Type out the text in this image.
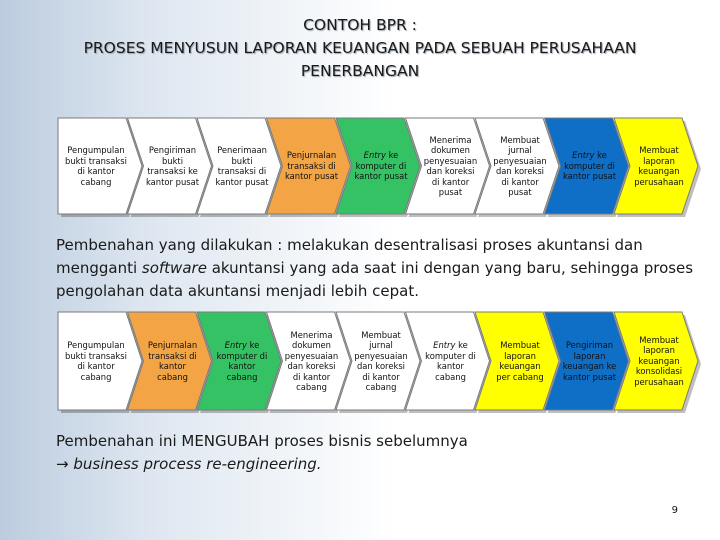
CONTOH BPR :
PROSES MENYUSUN LAPORAN KEUANGAN PADA SEBUAH PERUSAHAAN
PENERBANGAN
Pengumpulan bukti transaksi di kantor cabang
Pengiriman bukti transaksi ke kantor pusat
Penerimaan bukti transaksi di kantor pusat
Penjurnalan transaksi di kantor pusat
Entry ke komputer di kantor pusat
Menerima dokumen penyesuaian dan koreksi di kantor pusat
Membuat jurnal penyesuaian dan koreksi di kantor pusat
Entry ke komputer di kantor pusat
Membuat laporan keuangan perusahaan
Pembenahan yang dilakukan : melakukan desentralisasi proses akuntansi dan mengganti software akuntansi yang ada saat ini dengan yang baru, sehingga proses pengolahan data akuntansi menjadi lebih cepat.
Pengumpulan bukti transaksi di kantor cabang
Penjurnalan transaksi di kantor cabang
Entry ke komputer di kantor cabang
Menerima dokumen penyesuaian dan koreksi di kantor cabang
Membuat jurnal penyesuaian dan koreksi di kantor cabang
Entry ke komputer di kantor cabang
Membuat laporan keuangan per cabang
Pengiriman laporan keuangan ke kantor pusat
Membuat laporan keuangan konsolidasi perusahaan
Pembenahan ini MENGUBAH proses bisnis sebelumnya
→ business process re-engineering.
9
